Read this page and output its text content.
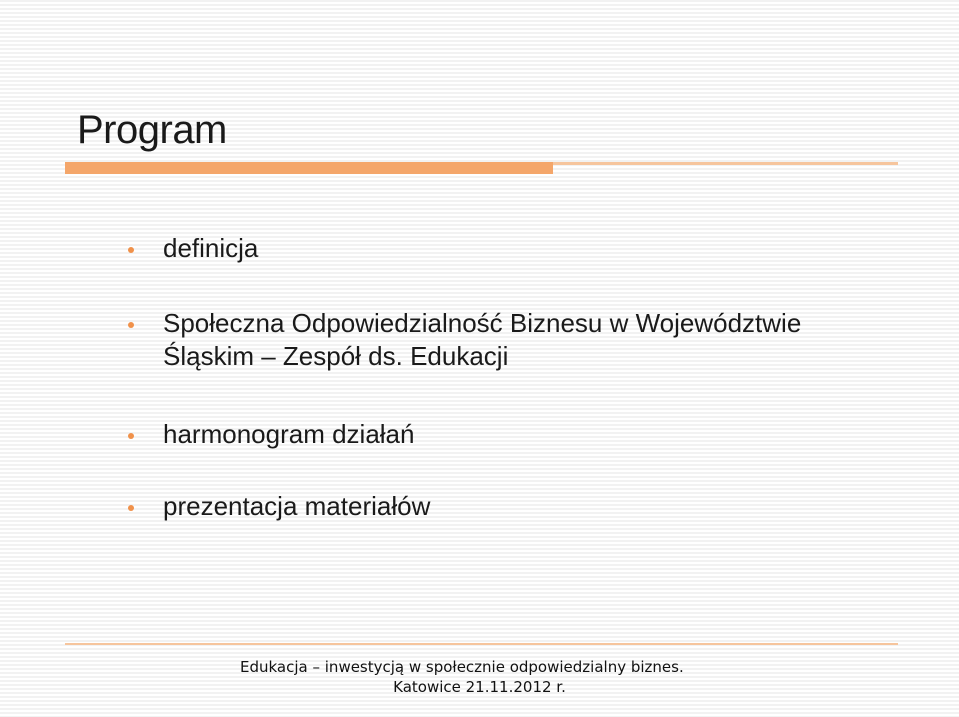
Program
definicja
Społeczna Odpowiedzialność Biznesu w Województwie Śląskim – Zespół ds. Edukacji
harmonogram działań
prezentacja materiałów
Edukacja – inwestycją w społecznie odpowiedzialny biznes.
Katowice 21.11.2012 r.
